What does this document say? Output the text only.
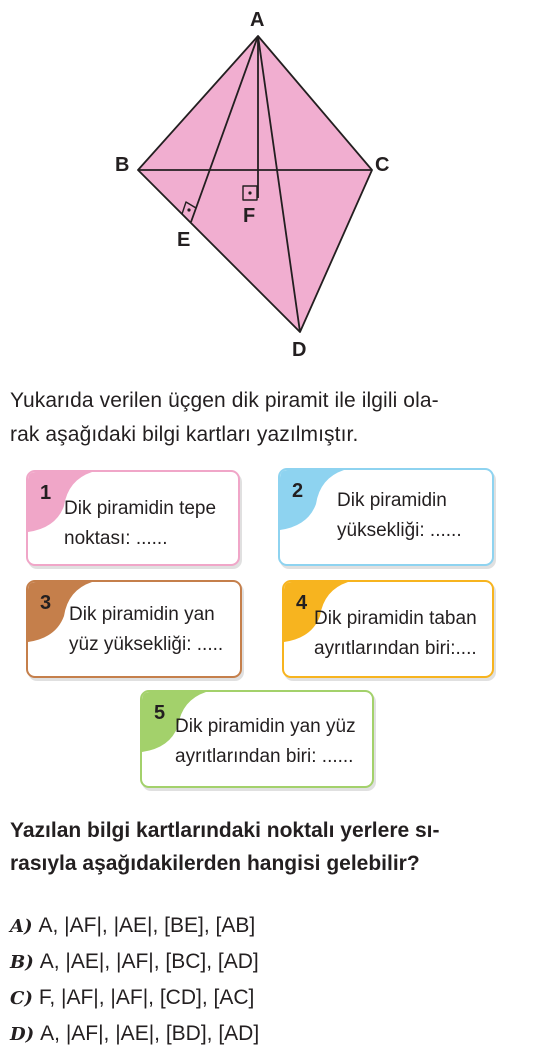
A
B	C
D
E
F
Yukarıda verilen üçgen dik piramit ile ilgili ola-
rak aşağıdaki bilgi kartları yazılmıştır.
1
Dik piramidin tepe
noktası: ......
2 Dik piramidin
yüksekliği: ......
3
Dik piramidin yan
yüz yüksekliği: .....
4
Dik piramidin taban
ayrıtlarından biri:....
5
Dik piramidin yan yüz
ayrıtlarından biri: ......
Yazılan bilgi kartlarındaki noktalı yerlere sı-
rasıyla aşağıdakilerden hangisi gelebilir?
A) A, |AF|, |AE|, [BE], [AB]
B) A, |AE|, |AF|, [BC], [AD]
C) F, |AF|, |AF|, [CD], [AC]
D) A, |AF|, |AE|, [BD], [AD]
